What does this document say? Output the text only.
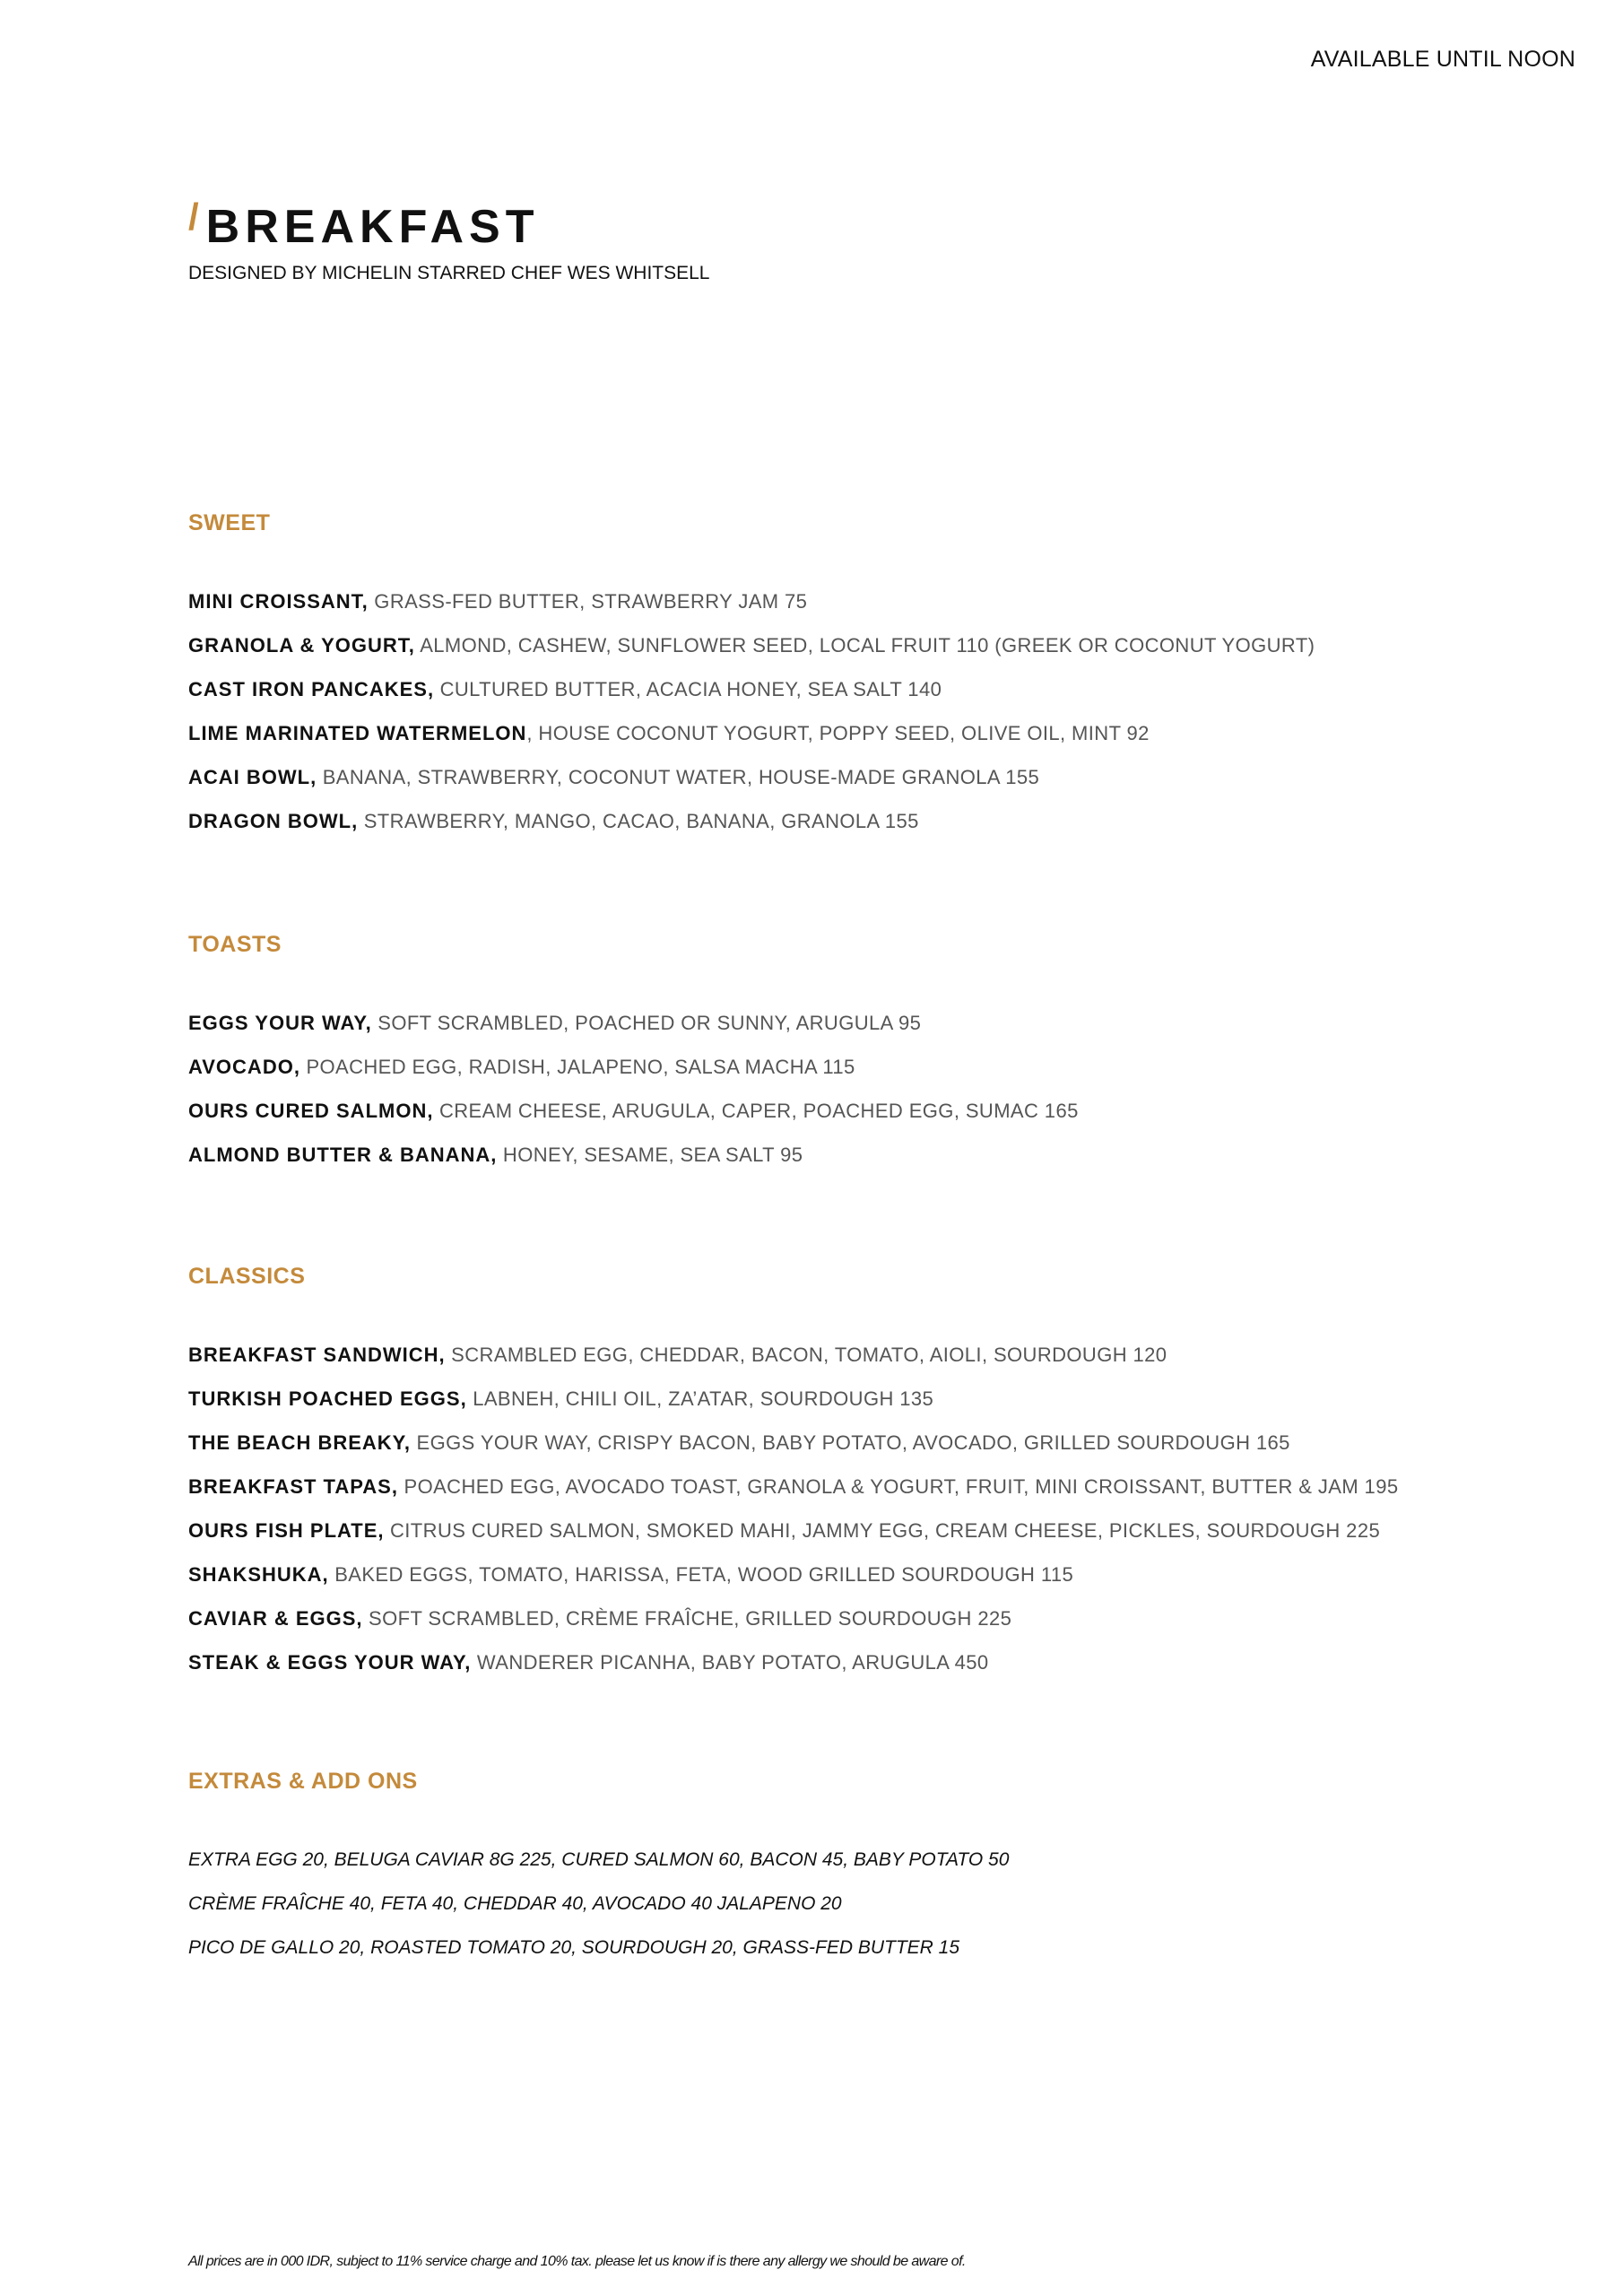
AVAILABLE UNTIL NOON
/ BREAKFAST
DESIGNED BY MICHELIN STARRED CHEF WES WHITSELL
SWEET
MINI CROISSANT, GRASS-FED BUTTER, STRAWBERRY JAM 75
GRANOLA & YOGURT, ALMOND, CASHEW, SUNFLOWER SEED, LOCAL FRUIT 110 (GREEK OR COCONUT YOGURT)
CAST IRON PANCAKES, CULTURED BUTTER, ACACIA HONEY, SEA SALT 140
LIME MARINATED WATERMELON, HOUSE COCONUT YOGURT, POPPY SEED, OLIVE OIL, MINT 92
ACAI BOWL, BANANA, STRAWBERRY, COCONUT WATER, HOUSE-MADE GRANOLA 155
DRAGON BOWL, STRAWBERRY, MANGO, CACAO, BANANA, GRANOLA 155
TOASTS
EGGS YOUR WAY, SOFT SCRAMBLED, POACHED OR SUNNY, ARUGULA 95
AVOCADO, POACHED EGG, RADISH, JALAPENO, SALSA MACHA 115
OURS CURED SALMON, CREAM CHEESE, ARUGULA, CAPER, POACHED EGG, SUMAC 165
ALMOND BUTTER & BANANA, HONEY, SESAME, SEA SALT 95
CLASSICS
BREAKFAST SANDWICH, SCRAMBLED EGG, CHEDDAR, BACON, TOMATO, AIOLI, SOURDOUGH 120
TURKISH POACHED EGGS, LABNEH, CHILI OIL, ZA’ATAR, SOURDOUGH 135
THE BEACH BREAKY, EGGS YOUR WAY, CRISPY BACON, BABY POTATO, AVOCADO, GRILLED SOURDOUGH 165
BREAKFAST TAPAS, POACHED EGG, AVOCADO TOAST, GRANOLA & YOGURT, FRUIT, MINI CROISSANT, BUTTER & JAM 195
OURS FISH PLATE, CITRUS CURED SALMON, SMOKED MAHI, JAMMY EGG, CREAM CHEESE, PICKLES, SOURDOUGH 225
SHAKSHUKA, BAKED EGGS, TOMATO, HARISSA, FETA, WOOD GRILLED SOURDOUGH 115
CAVIAR & EGGS, SOFT SCRAMBLED, CRÈME FRAÎCHE, GRILLED SOURDOUGH 225
STEAK & EGGS YOUR WAY, WANDERER PICANHA, BABY POTATO, ARUGULA 450
EXTRAS & ADD ONS
EXTRA EGG 20, BELUGA CAVIAR 8G 225, CURED SALMON 60, BACON 45, BABY POTATO 50
CRÈME FRAÎCHE 40, FETA 40, CHEDDAR 40, AVOCADO 40 JALAPENO 20
PICO DE GALLO 20, ROASTED TOMATO 20, SOURDOUGH 20, GRASS-FED BUTTER 15
All prices are in 000 IDR, subject to 11% service charge and 10% tax. please let us know if is there any allergy we should be aware of.
